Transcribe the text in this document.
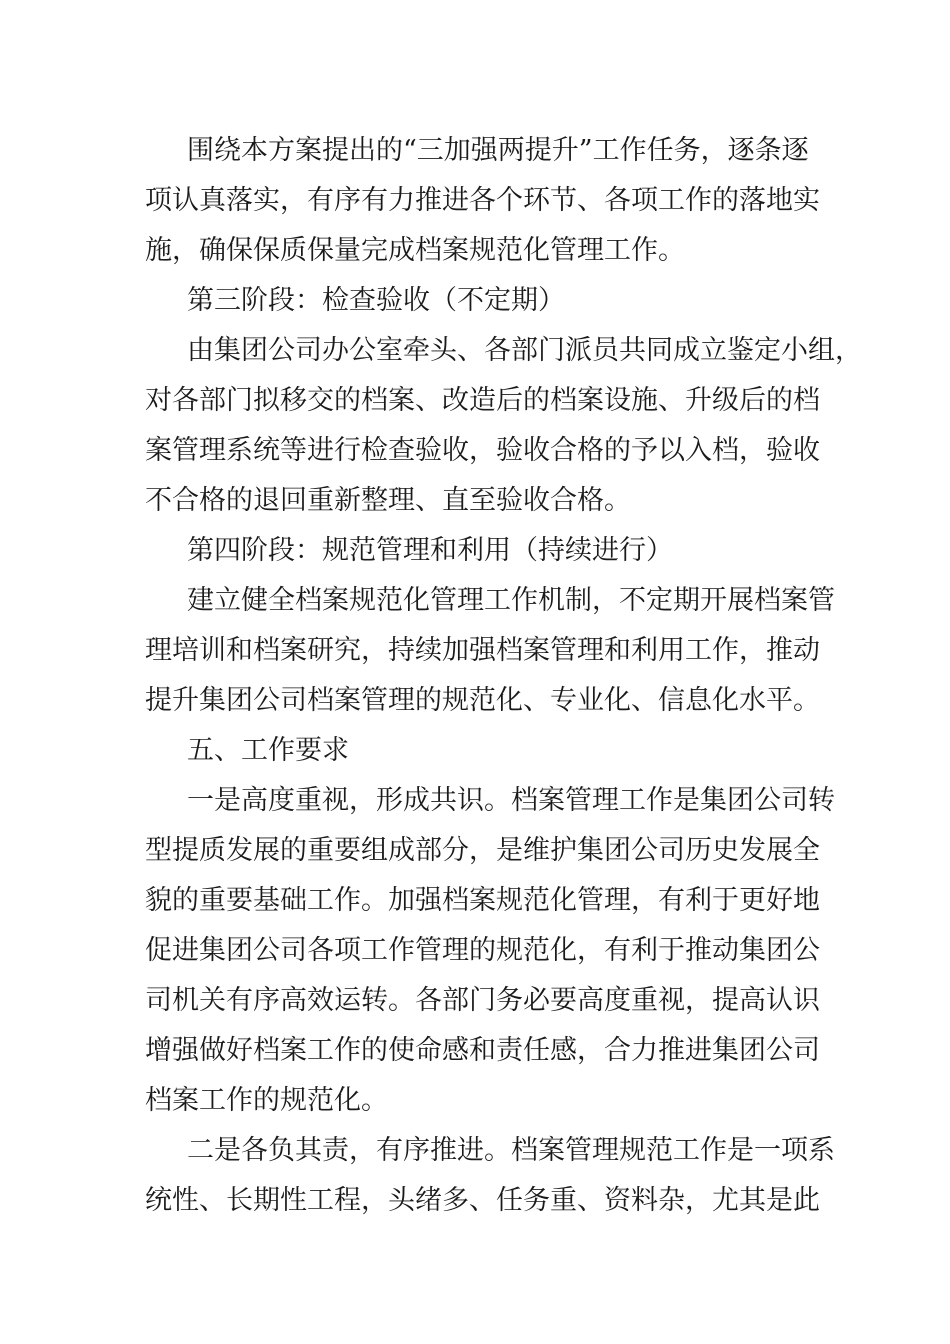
围绕本方案提出的“三加强两提升”工作任务，逐条逐
项认真落实，有序有力推进各个环节、各项工作的落地实
施，确保保质保量完成档案规范化管理工作。
第三阶段：检查验收（不定期）
由集团公司办公室牵头、各部门派员共同成立鉴定小组，
对各部门拟移交的档案、改造后的档案设施、升级后的档
案管理系统等进行检查验收，验收合格的予以入档，验收
不合格的退回重新整理、直至验收合格。
第四阶段：规范管理和利用（持续进行）
建立健全档案规范化管理工作机制，不定期开展档案管
理培训和档案研究，持续加强档案管理和利用工作，推动
提升集团公司档案管理的规范化、专业化、信息化水平。
五、工作要求
一是高度重视，形成共识。档案管理工作是集团公司转
型提质发展的重要组成部分，是维护集团公司历史发展全
貌的重要基础工作。加强档案规范化管理，有利于更好地
促进集团公司各项工作管理的规范化，有利于推动集团公
司机关有序高效运转。各部门务必要高度重视，提高认识
增强做好档案工作的使命感和责任感，合力推进集团公司
档案工作的规范化。
二是各负其责，有序推进。档案管理规范工作是一项系
统性、长期性工程，头绪多、任务重、资料杂，尤其是此
